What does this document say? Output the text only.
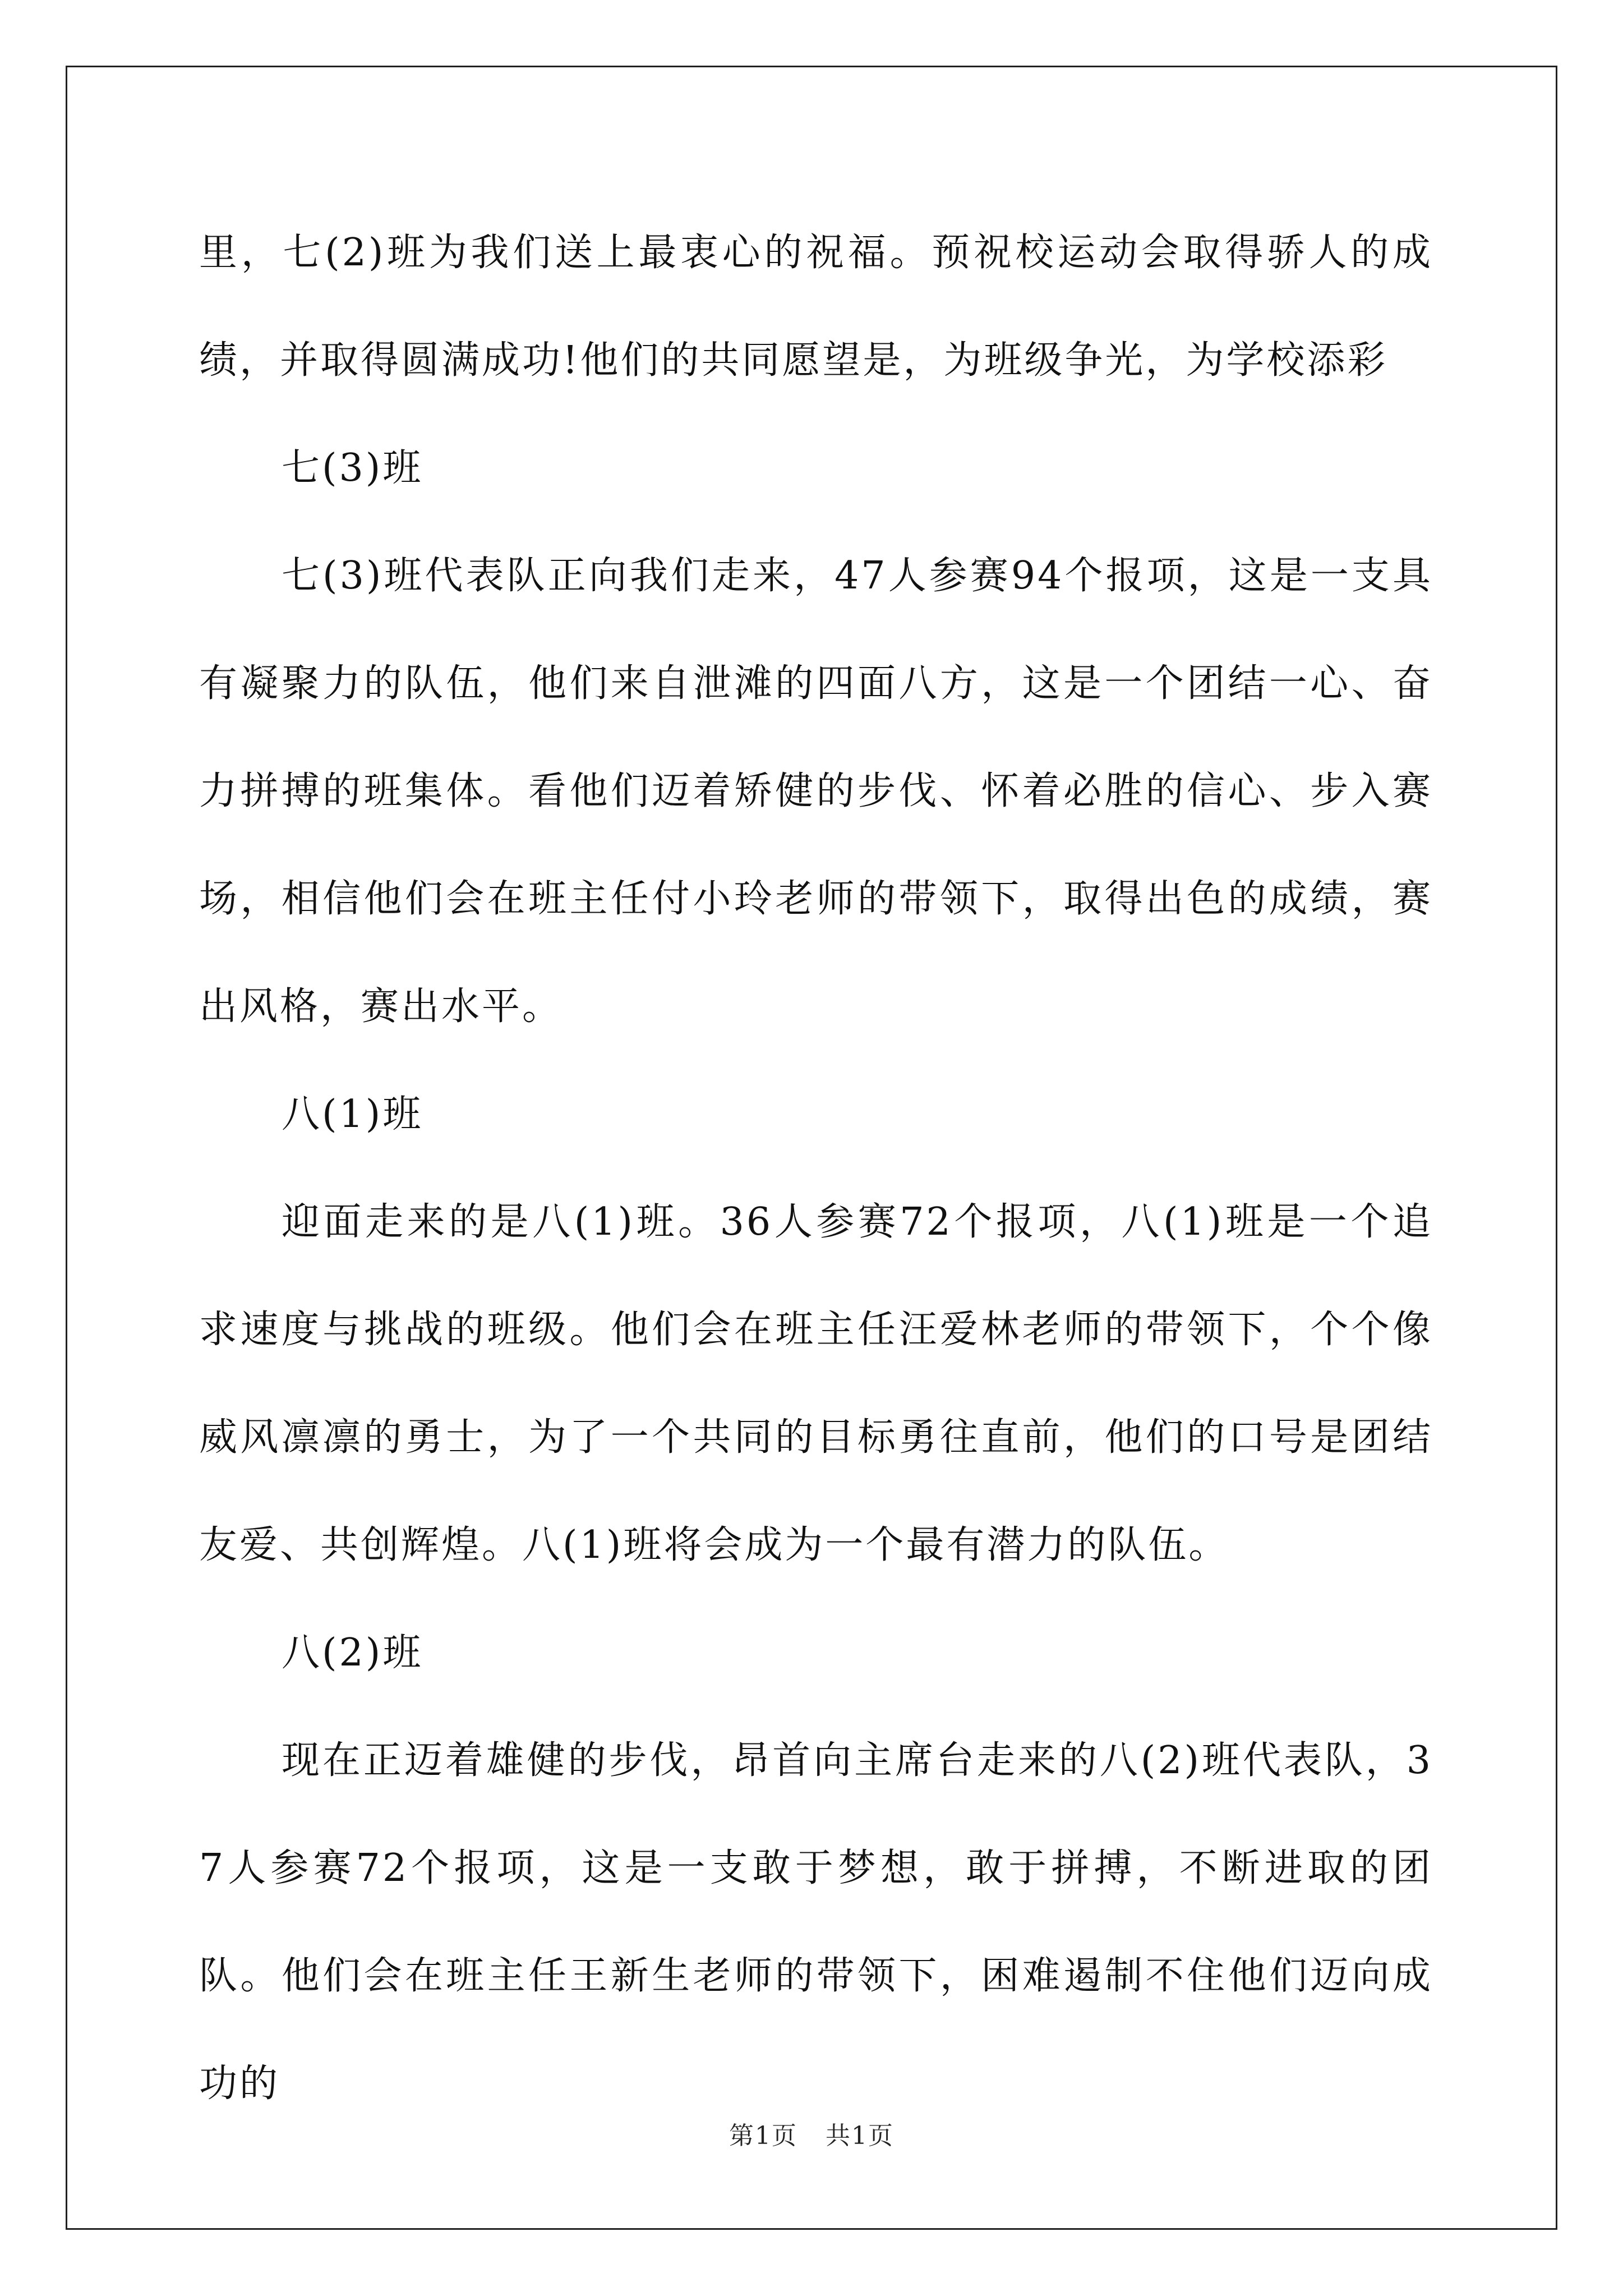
里，七(2)班为我们送上最衷心的祝福。预祝校运动会取得骄人的成绩，并取得圆满成功!他们的共同愿望是，为班级争光，为学校添彩

七(3)班

七(3)班代表队正向我们走来，47人参赛94个报项，这是一支具有凝聚力的队伍，他们来自泄滩的四面八方，这是一个团结一心、奋力拼搏的班集体。看他们迈着矫健的步伐、怀着必胜的信心、步入赛场，相信他们会在班主任付小玲老师的带领下，取得出色的成绩，赛出风格，赛出水平。

八(1)班

迎面走来的是八(1)班。36人参赛72个报项，八(1)班是一个追求速度与挑战的班级。他们会在班主任汪爱林老师的带领下，个个像威风凛凛的勇士，为了一个共同的目标勇往直前，他们的口号是团结友爱、共创辉煌。八(1)班将会成为一个最有潜力的队伍。

八(2)班

现在正迈着雄健的步伐，昂首向主席台走来的八(2)班代表队，37人参赛72个报项，这是一支敢于梦想，敢于拼搏，不断进取的团队。他们会在班主任王新生老师的带领下，困难遏制不住他们迈向成功的

第1页 共1页
